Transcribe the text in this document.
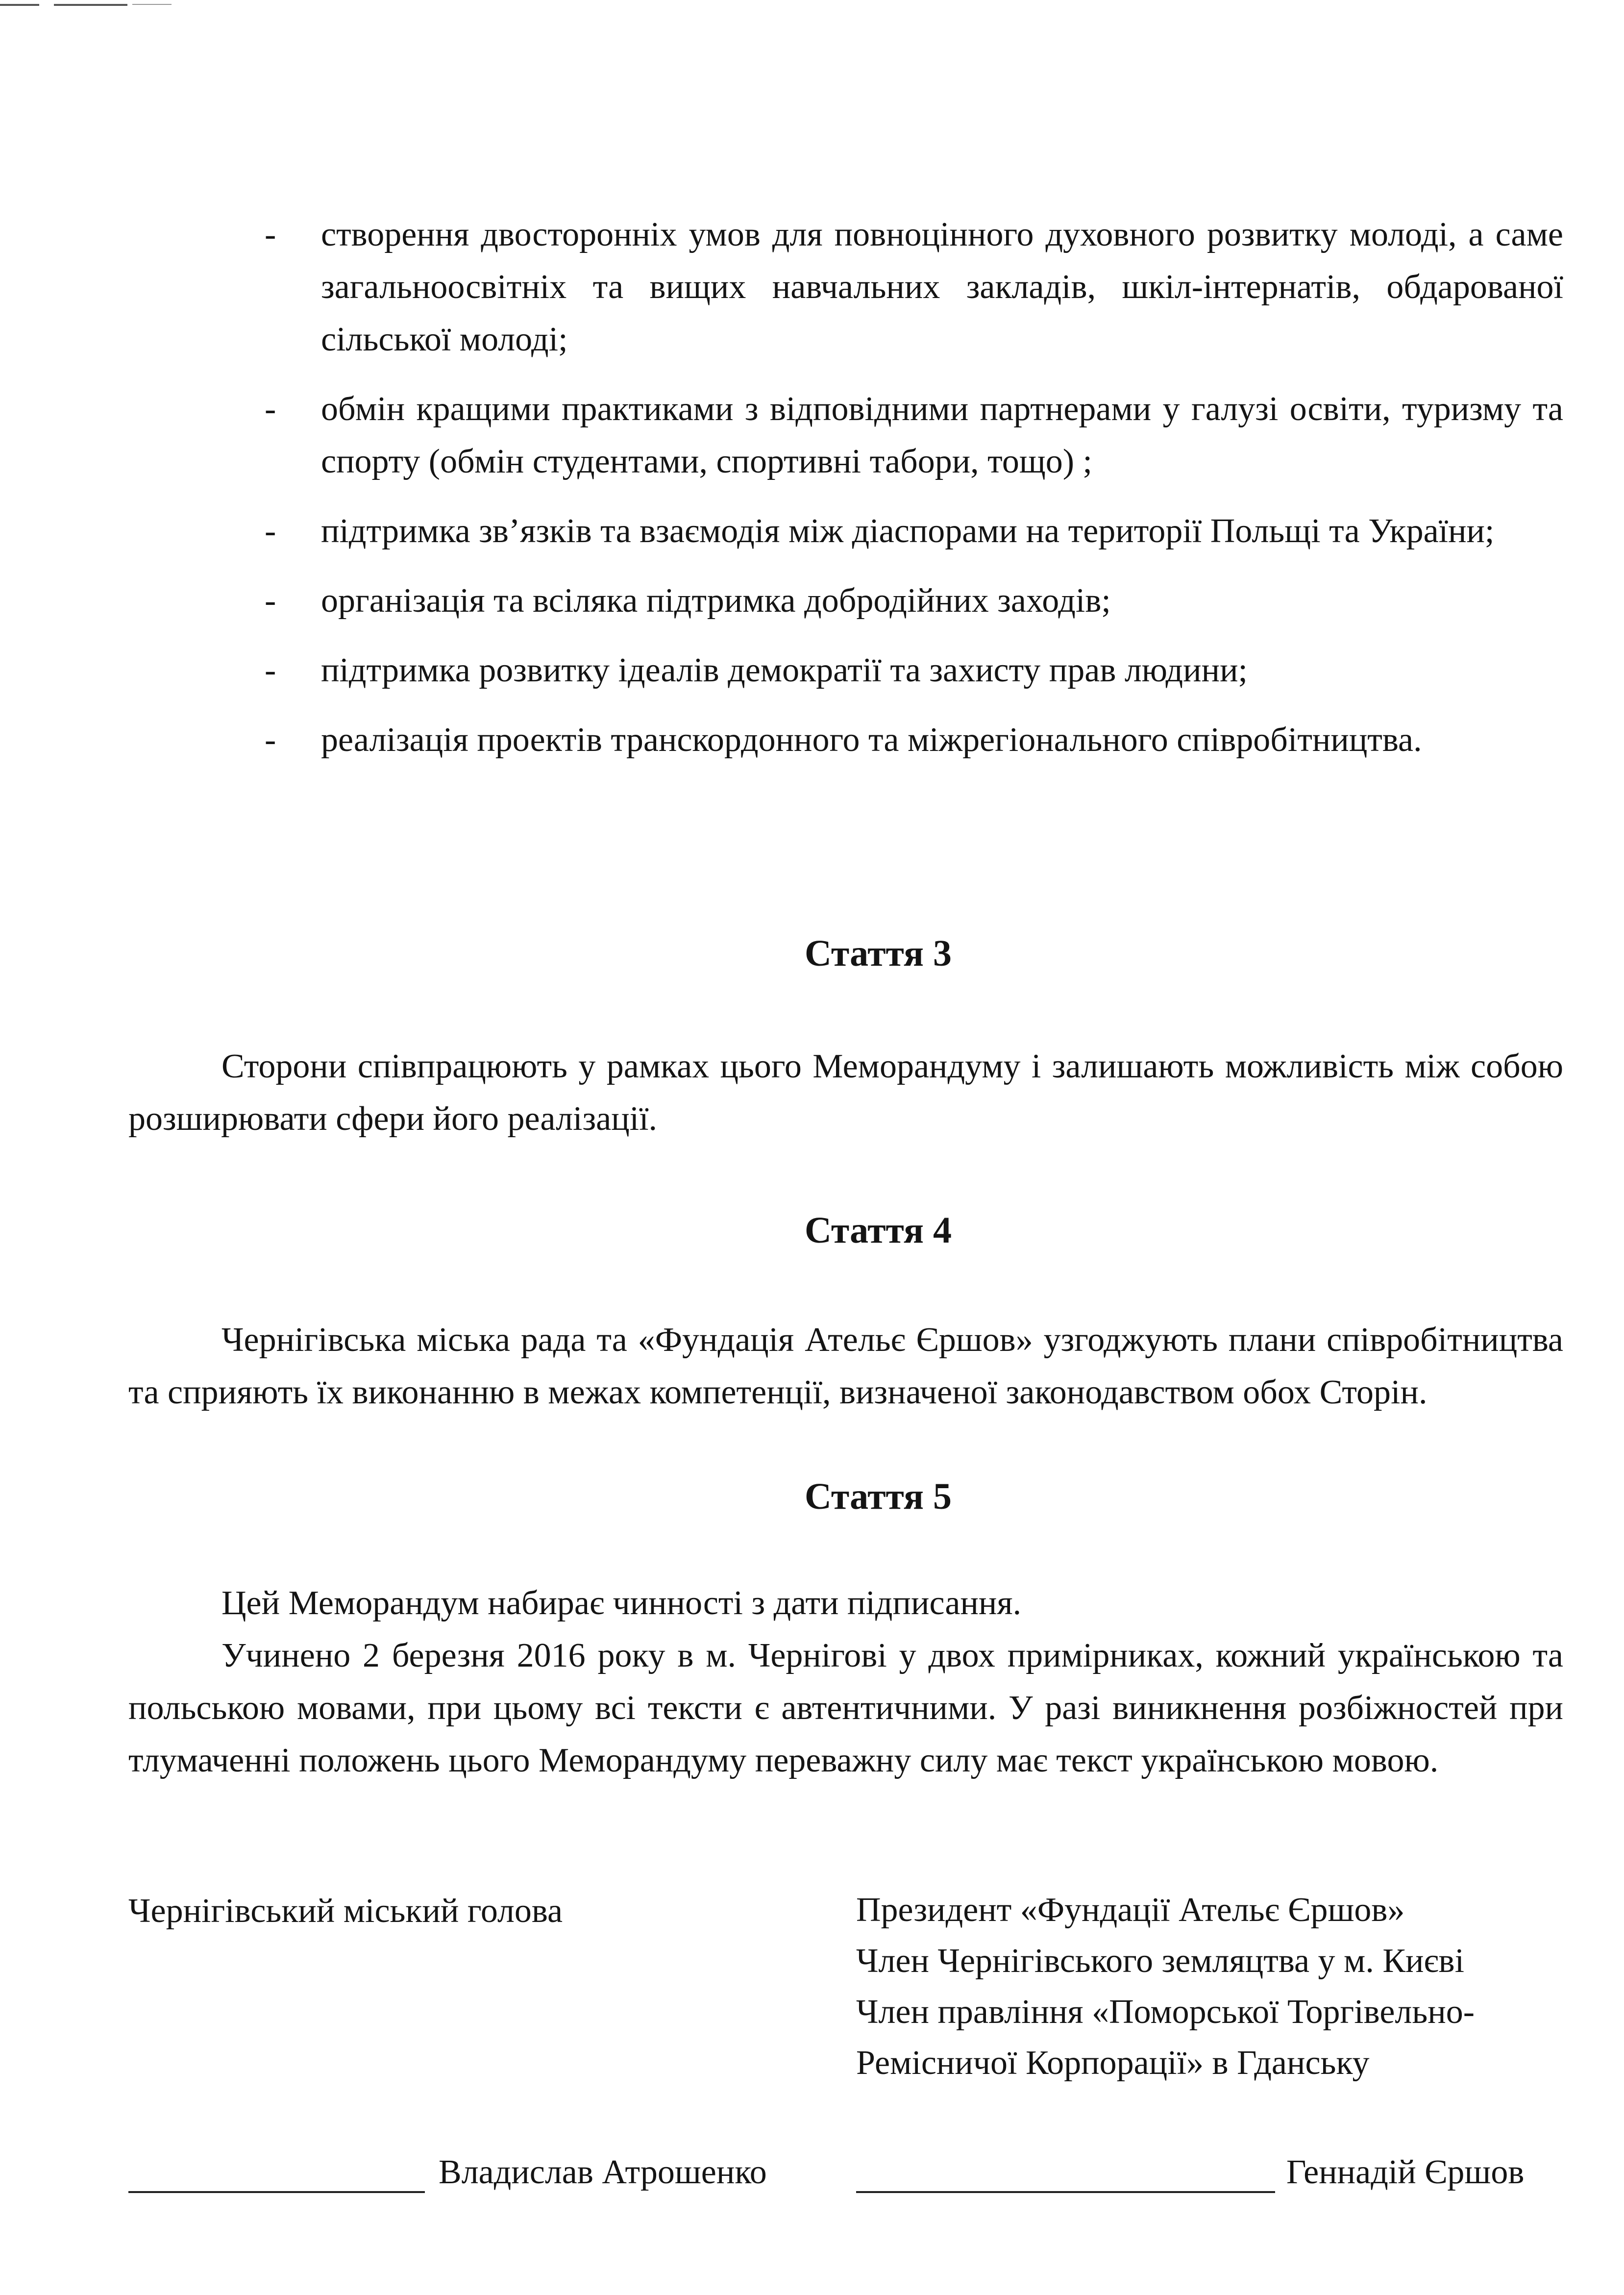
- створення двосторонніх умов для повноцінного духовного розвитку молоді, а саме загальноосвітніх та вищих навчальних закладів, шкіл-інтернатів, обдарованої сільської молоді;
- обмін кращими практиками з відповідними партнерами у галузі освіти, туризму та спорту (обмін студентами, спортивні табори, тощо) ;
- підтримка зв’язків та взаємодія між діаспорами на території Польщі та України;
- організація та всіляка підтримка добродійних заходів;
- підтримка розвитку ідеалів демократії та захисту прав людини;
- реалізація проектів транскордонного та міжрегіонального співробітництва.
Стаття 3
Сторони співпрацюють у рамках цього Меморандуму і залишають можливість між собою розширювати сфери його реалізації.
Стаття 4
Чернігівська міська рада та «Фундація Ательє Єршов» узгоджують плани співробітництва та сприяють їх виконанню в межах компетенції, визначеної законодавством обох Сторін.
Стаття 5
Цей Меморандум набирає чинності з дати підписання.
Учинено 2 березня 2016 року в м. Чернігові у двох примірниках, кожний українською та польською мовами, при цьому всі тексти є автентичними. У разі виникнення розбіжностей при тлумаченні положень цього Меморандуму переважну силу має текст українською мовою.
Чернігівський міський голова	Президент «Фундації Ательє Єршов»
Член Чернігівського земляцтва у м. Києві
Член правління «Поморської Торгівельно-
Ремісничої Корпорації» в Гданську
Владислав Атрошенко	Геннадій Єршов
